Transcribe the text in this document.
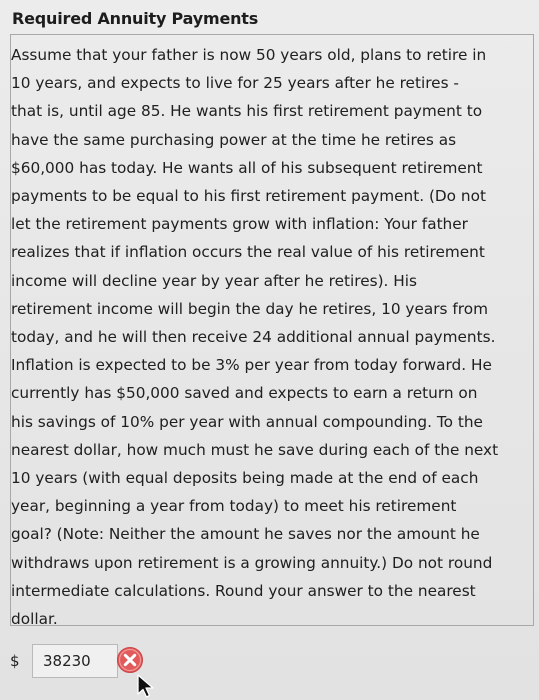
Required Annuity Payments

Assume that your father is now 50 years old, plans to retire in
10 years, and expects to live for 25 years after he retires -
that is, until age 85. He wants his first retirement payment to
have the same purchasing power at the time he retires as
$60,000 has today. He wants all of his subsequent retirement
payments to be equal to his first retirement payment. (Do not
let the retirement payments grow with inflation: Your father
realizes that if inflation occurs the real value of his retirement
income will decline year by year after he retires). His
retirement income will begin the day he retires, 10 years from
today, and he will then receive 24 additional annual payments.
Inflation is expected to be 3% per year from today forward. He
currently has $50,000 saved and expects to earn a return on
his savings of 10% per year with annual compounding. To the
nearest dollar, how much must he save during each of the next
10 years (with equal deposits being made at the end of each
year, beginning a year from today) to meet his retirement
goal? (Note: Neither the amount he saves nor the amount he
withdraws upon retirement is a growing annuity.) Do not round
intermediate calculations. Round your answer to the nearest
dollar.

$
38230
